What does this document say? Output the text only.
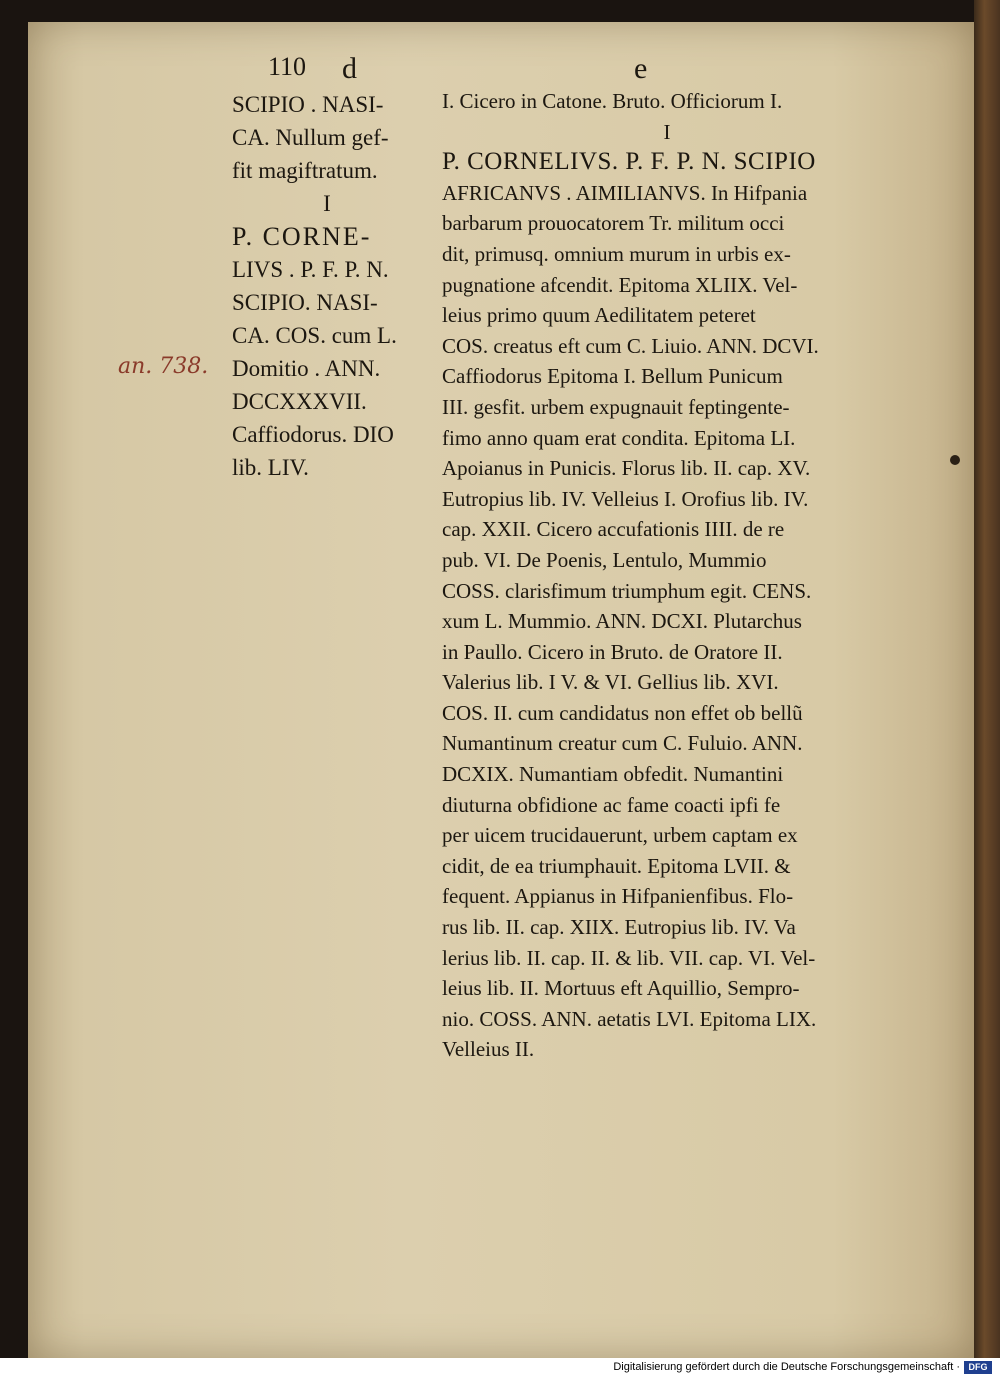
110 d	e
SCIPIO . NASI-
CA. Nullum gef-
fit magiftratum.
I
P. CORNE-
LIVS . P. F. P. N.
SCIPIO. NASI-
CA. COS. cum L.
Domitio . ANN.
DCCXXXVII.
Caffiodorus. DIO
lib. LIV.
an. 738.
I. Cicero in Catone. Bruto. Officiorum I.
I
P. CORNELIVS. P. F. P. N. SCIPIO
AFRICANVS . AIMILIANVS. In Hifpania
barbarum prouocatorem Tr. militum occi
dit, primusq. omnium murum in urbis ex-
pugnatione afcendit. Epitoma XLIIX. Vel-
leius primo quum Aedilitatem peteret
COS. creatus eft cum C. Liuio. ANN. DCVI.
Caffiodorus Epitoma I. Bellum Punicum
III. gesfit. urbem expugnauit feptingente-
fimo anno quam erat condita. Epitoma LI.
Apoianus in Punicis. Florus lib. II. cap. XV.
Eutropius lib. IV. Velleius I. Orofius lib. IV.
cap. XXII. Cicero accufationis IIII. de re
pub. VI. De Poenis, Lentulo, Mummio
COSS. clarisfimum triumphum egit. CENS.
xum L. Mummio. ANN. DCXI. Plutarchus
in Paullo. Cicero in Bruto. de Oratore II.
Valerius lib. I V. & VI. Gellius lib. XVI.
COS. II. cum candidatus non effet ob bellũ
Numantinum creatur cum C. Fuluio. ANN.
DCXIX. Numantiam obfedit. Numantini
diuturna obfidione ac fame coacti ipfi fe
per uicem trucidauerunt, urbem captam ex
cidit, de ea triumphauit. Epitoma LVII. &
fequent. Appianus in Hifpanienfibus. Flo-
rus lib. II. cap. XIIX. Eutropius lib. IV. Va
lerius lib. II. cap. II. & lib. VII. cap. VI. Vel-
leius lib. II. Mortuus eft Aquillio, Sempro-
nio. COSS. ANN. aetatis LVI. Epitoma LIX.
Velleius II.
Digitalisierung gefördert durch die Deutsche Forschungsgemeinschaft · DFG
